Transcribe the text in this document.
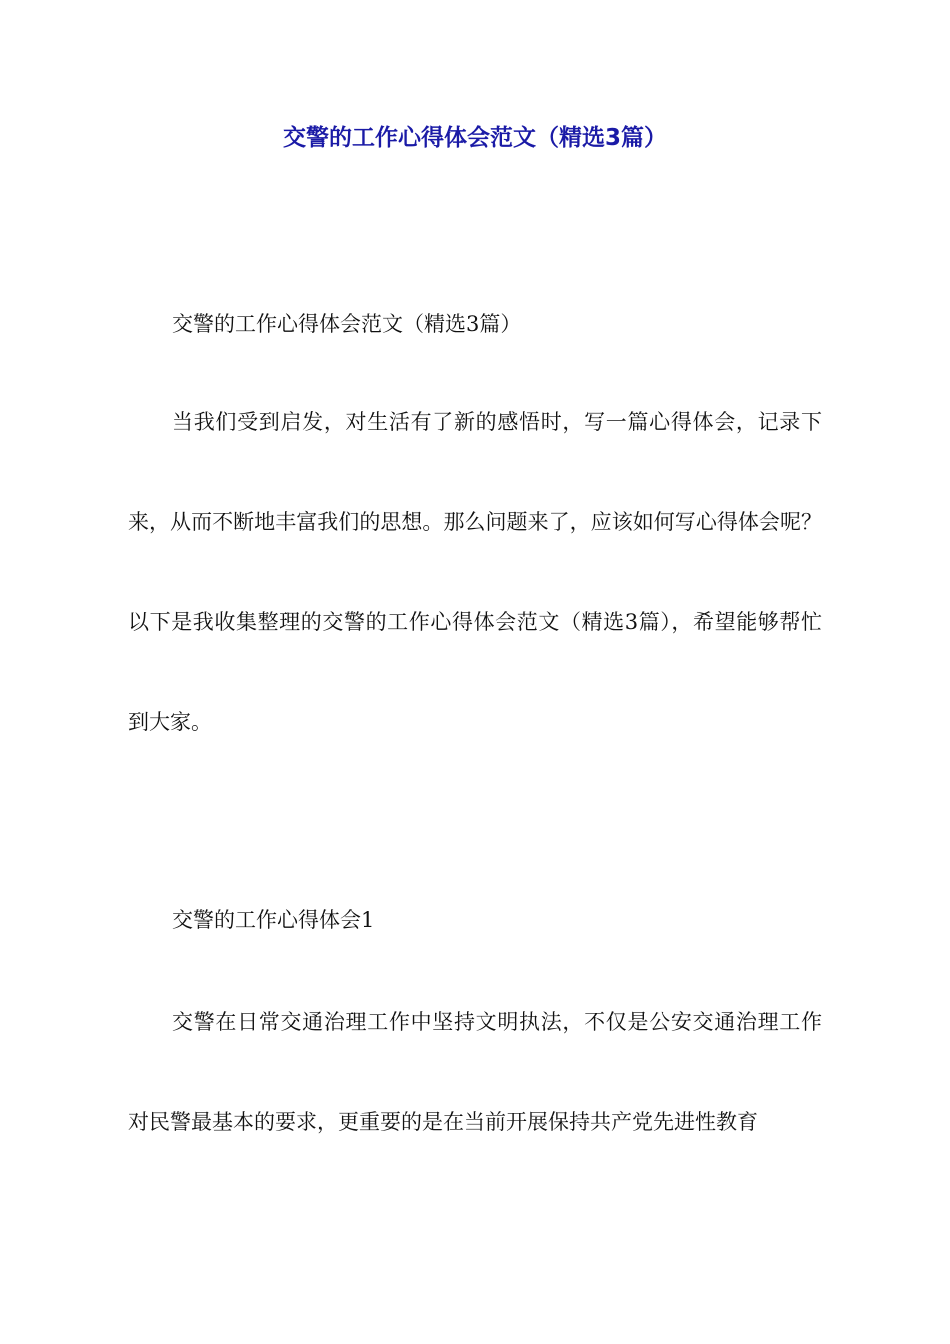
交警的工作心得体会范文（精选3篇）

交警的工作心得体会范文（精选3篇）

当我们受到启发，对生活有了新的感悟时，写一篇心得体会，记录下来，从而不断地丰富我们的思想。那么问题来了，应该如何写心得体会呢？以下是我收集整理的交警的工作心得体会范文（精选3篇），希望能够帮忙到大家。

交警的工作心得体会1

交警在日常交通治理工作中坚持文明执法，不仅是公安交通治理工作对民警最基本的要求，更重要的是在当前开展保持共产党先进性教育
